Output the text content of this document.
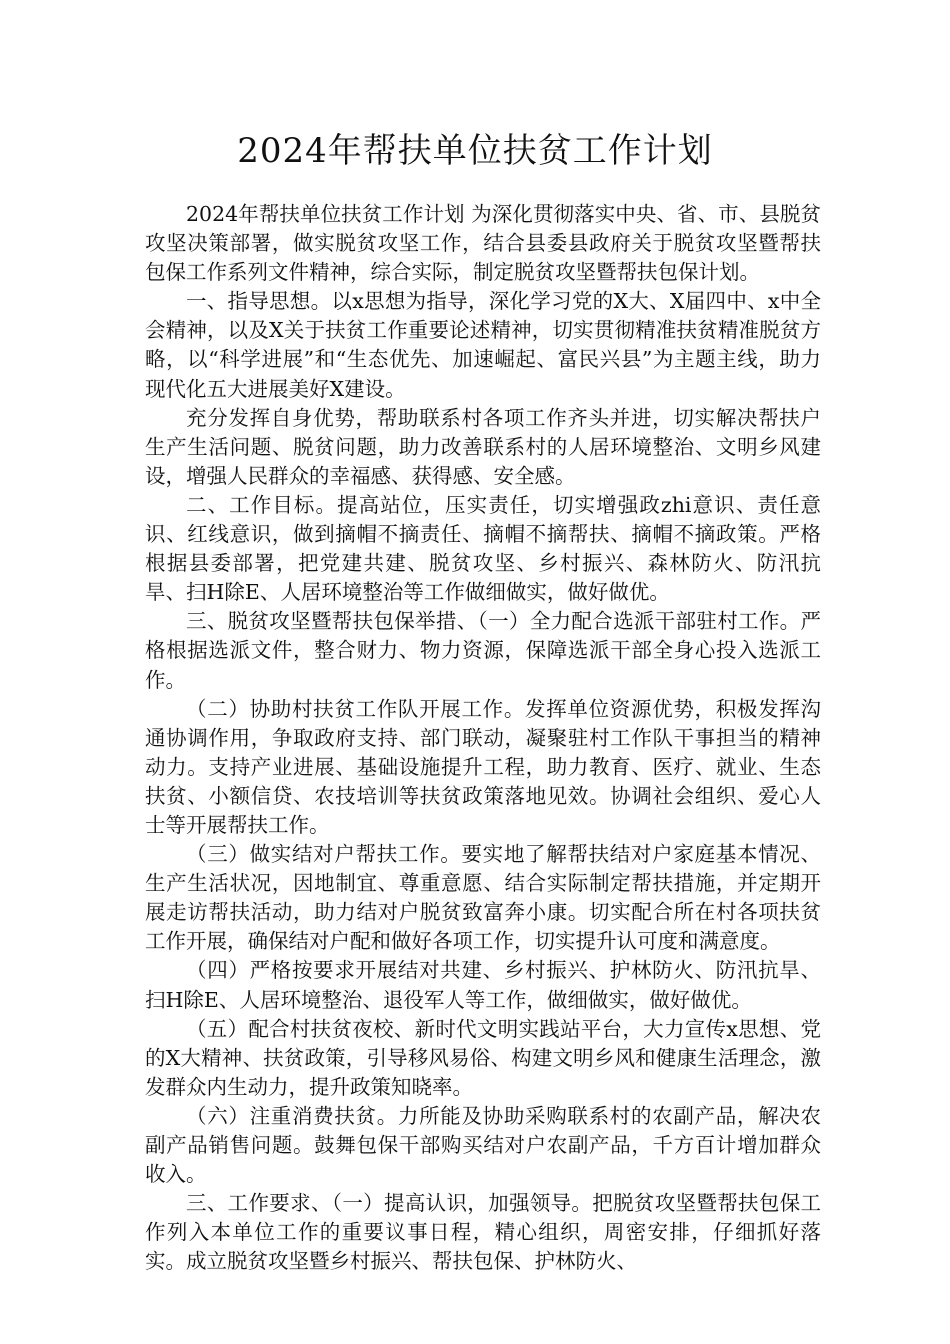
2024年帮扶单位扶贫工作计划

2024年帮扶单位扶贫工作计划 为深化贯彻落实中央、省、市、县脱贫攻坚决策部署，做实脱贫攻坚工作，结合县委县政府关于脱贫攻坚暨帮扶包保工作系列文件精神，综合实际，制定脱贫攻坚暨帮扶包保计划。

一、指导思想。以x思想为指导，深化学习党的X大、X届四中、x中全会精神，以及X关于扶贫工作重要论述精神，切实贯彻精准扶贫精准脱贫方略，以“科学进展”和“生态优先、加速崛起、富民兴县”为主题主线，助力现代化五大进展美好X建设。

充分发挥自身优势，帮助联系村各项工作齐头并进，切实解决帮扶户生产生活问题、脱贫问题，助力改善联系村的人居环境整治、文明乡风建设，增强人民群众的幸福感、获得感、安全感。

二、工作目标。提高站位，压实责任，切实增强政zhi意识、责任意识、红线意识，做到摘帽不摘责任、摘帽不摘帮扶、摘帽不摘政策。严格根据县委部署，把党建共建、脱贫攻坚、乡村振兴、森林防火、防汛抗旱、扫H除E、人居环境整治等工作做细做实，做好做优。

三、脱贫攻坚暨帮扶包保举措、（一）全力配合选派干部驻村工作。严格根据选派文件，整合财力、物力资源，保障选派干部全身心投入选派工作。

（二）协助村扶贫工作队开展工作。发挥单位资源优势，积极发挥沟通协调作用，争取政府支持、部门联动，凝聚驻村工作队干事担当的精神动力。支持产业进展、基础设施提升工程，助力教育、医疗、就业、生态扶贫、小额信贷、农技培训等扶贫政策落地见效。协调社会组织、爱心人士等开展帮扶工作。

（三）做实结对户帮扶工作。要实地了解帮扶结对户家庭基本情况、生产生活状况，因地制宜、尊重意愿、结合实际制定帮扶措施，并定期开展走访帮扶活动，助力结对户脱贫致富奔小康。切实配合所在村各项扶贫工作开展，确保结对户配和做好各项工作，切实提升认可度和满意度。

（四）严格按要求开展结对共建、乡村振兴、护林防火、防汛抗旱、扫H除E、人居环境整治、退役军人等工作，做细做实，做好做优。

（五）配合村扶贫夜校、新时代文明实践站平台，大力宣传x思想、党的X大精神、扶贫政策，引导移风易俗、构建文明乡风和健康生活理念，激发群众内生动力，提升政策知晓率。

（六）注重消费扶贫。力所能及协助采购联系村的农副产品，解决农副产品销售问题。鼓舞包保干部购买结对户农副产品，千方百计增加群众收入。

三、工作要求、（一）提高认识，加强领导。把脱贫攻坚暨帮扶包保工作列入本单位工作的重要议事日程，精心组织，周密安排，仔细抓好落实。成立脱贫攻坚暨乡村振兴、帮扶包保、护林防火、
